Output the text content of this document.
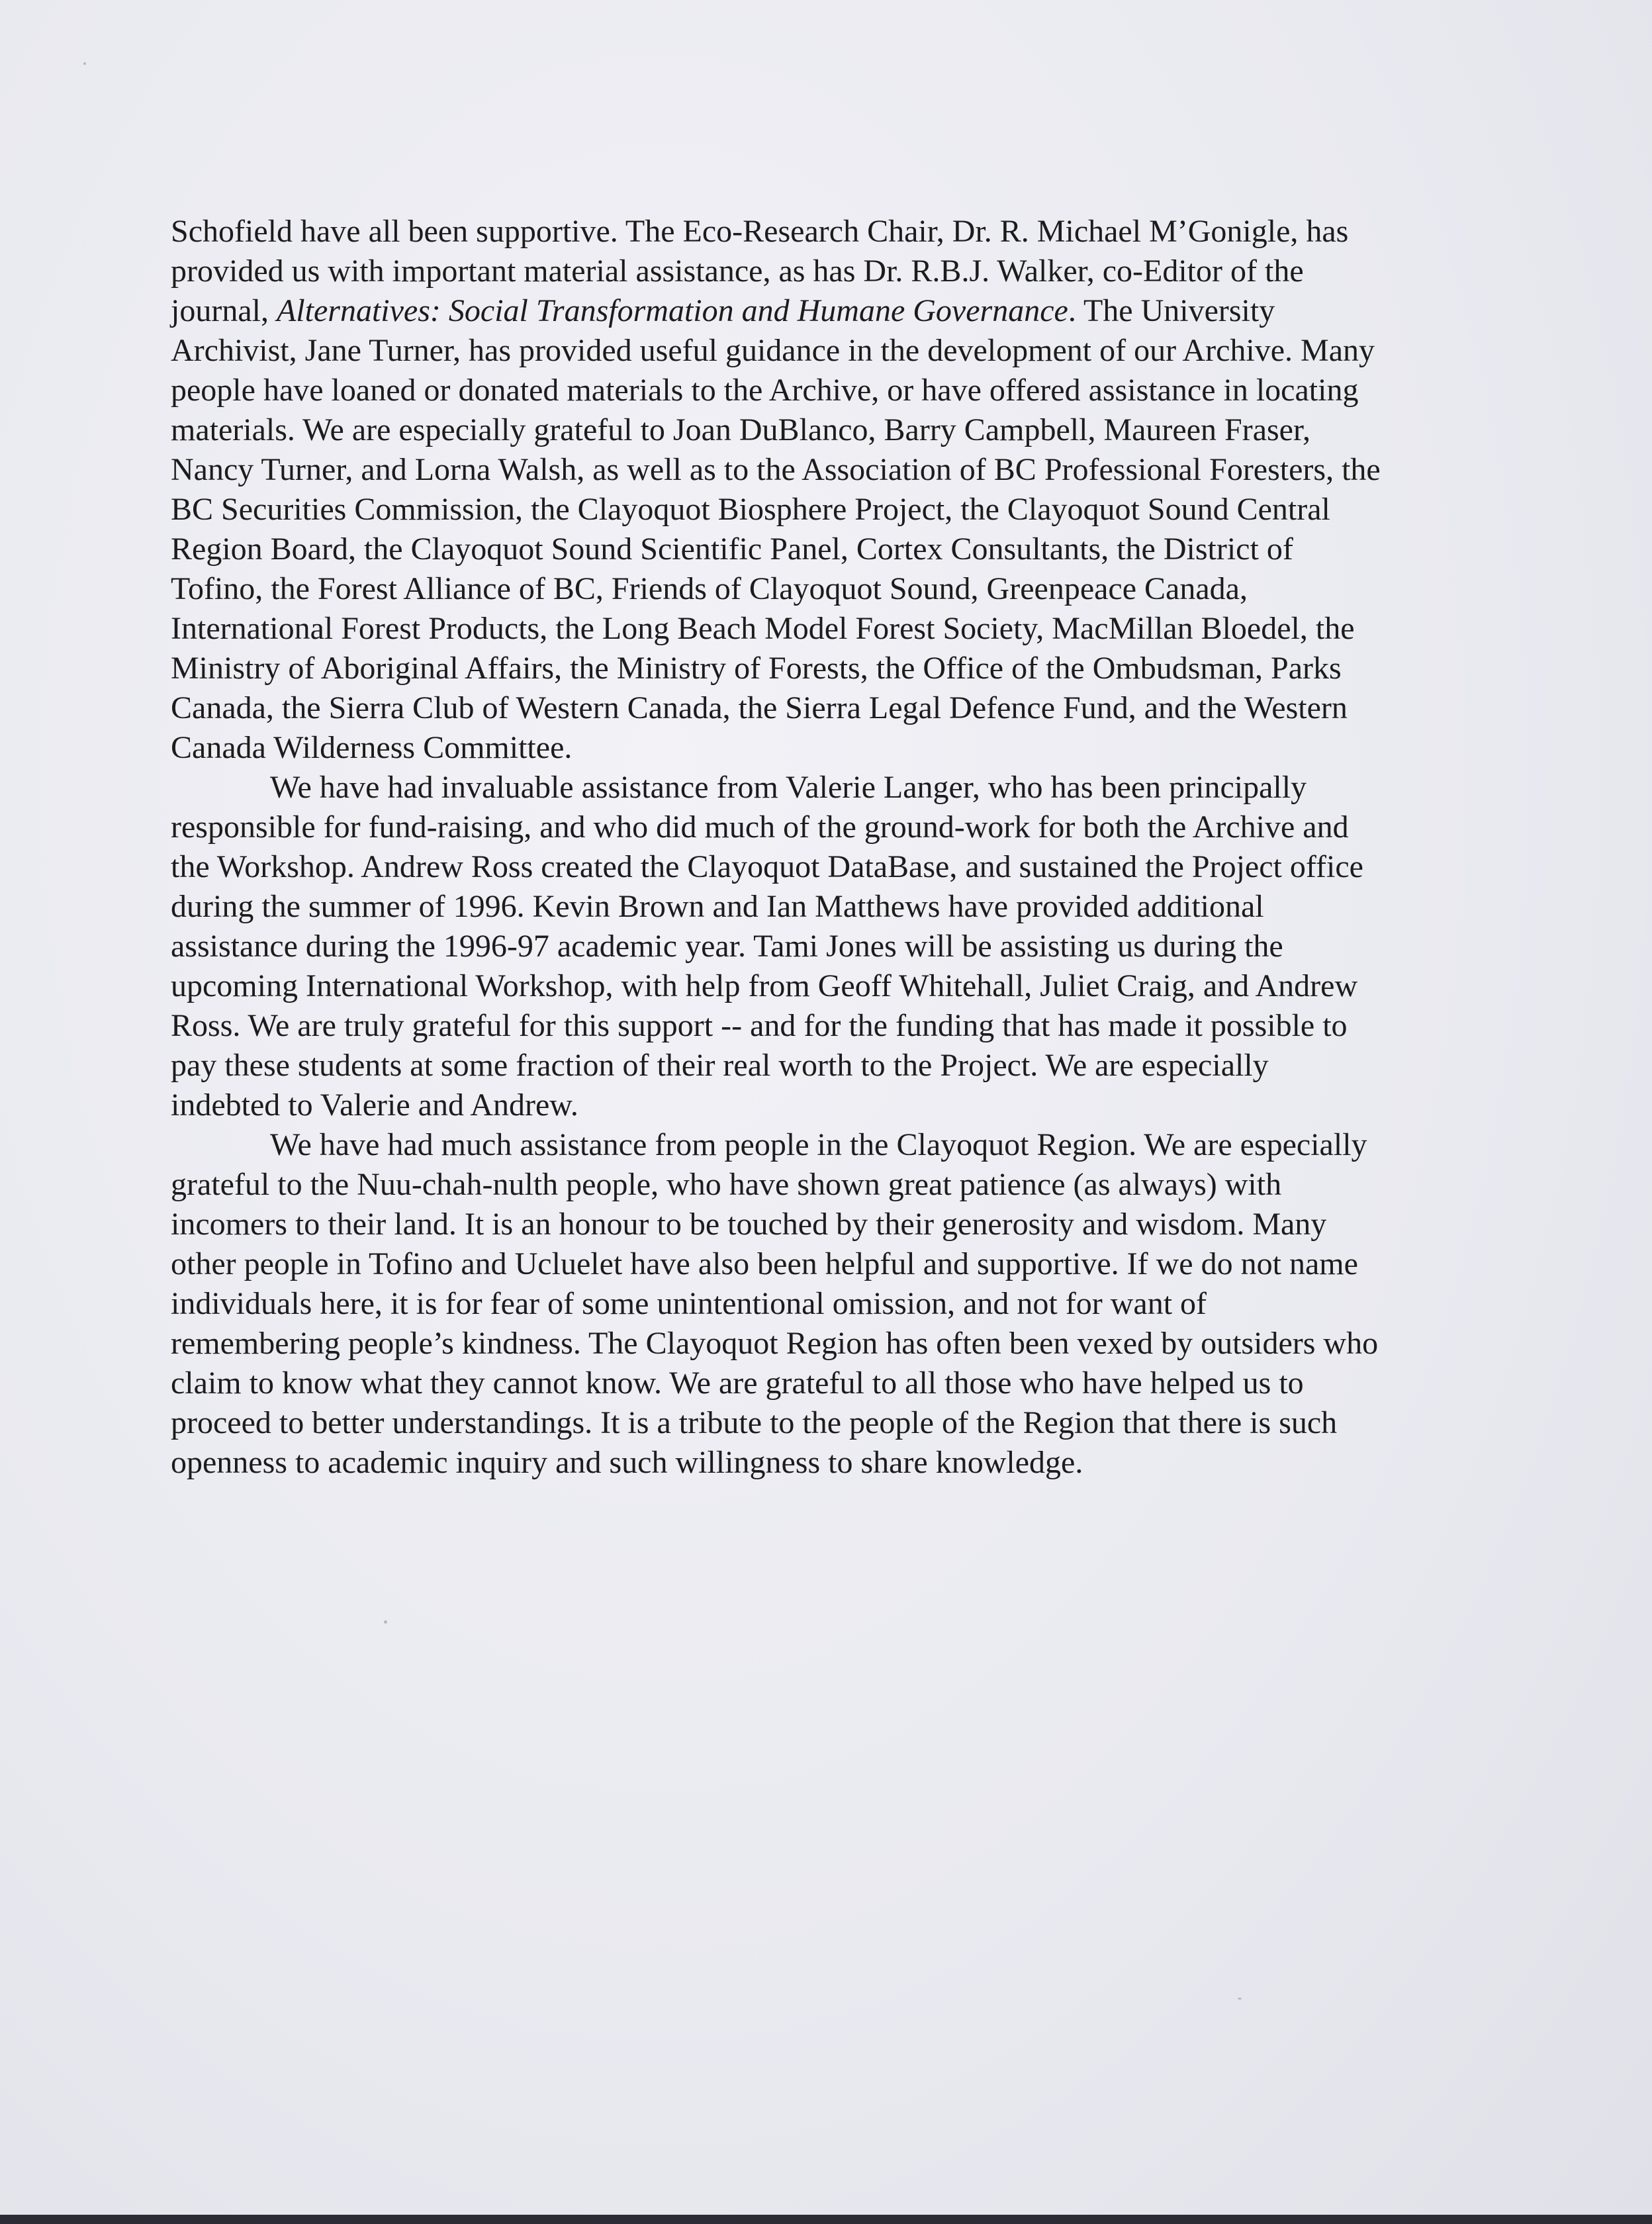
Schofield have all been supportive. The Eco-Research Chair, Dr. R. Michael M’Gonigle, has provided us with important material assistance, as has Dr. R.B.J. Walker, co-Editor of the journal, Alternatives: Social Transformation and Humane Governance. The University Archivist, Jane Turner, has provided useful guidance in the development of our Archive. Many people have loaned or donated materials to the Archive, or have offered assistance in locating materials. We are especially grateful to Joan DuBlanco, Barry Campbell, Maureen Fraser, Nancy Turner, and Lorna Walsh, as well as to the Association of BC Professional Foresters, the BC Securities Commission, the Clayoquot Biosphere Project, the Clayoquot Sound Central Region Board, the Clayoquot Sound Scientific Panel, Cortex Consultants, the District of Tofino, the Forest Alliance of BC, Friends of Clayoquot Sound, Greenpeace Canada, International Forest Products, the Long Beach Model Forest Society, MacMillan Bloedel, the Ministry of Aboriginal Affairs, the Ministry of Forests, the Office of the Ombudsman, Parks Canada, the Sierra Club of Western Canada, the Sierra Legal Defence Fund, and the Western Canada Wilderness Committee.

We have had invaluable assistance from Valerie Langer, who has been principally responsible for fund-raising, and who did much of the ground-work for both the Archive and the Workshop. Andrew Ross created the Clayoquot DataBase, and sustained the Project office during the summer of 1996. Kevin Brown and Ian Matthews have provided additional assistance during the 1996-97 academic year. Tami Jones will be assisting us during the upcoming International Workshop, with help from Geoff Whitehall, Juliet Craig, and Andrew Ross. We are truly grateful for this support -- and for the funding that has made it possible to pay these students at some fraction of their real worth to the Project. We are especially indebted to Valerie and Andrew.

We have had much assistance from people in the Clayoquot Region. We are especially grateful to the Nuu-chah-nulth people, who have shown great patience (as always) with incomers to their land. It is an honour to be touched by their generosity and wisdom. Many other people in Tofino and Ucluelet have also been helpful and supportive. If we do not name individuals here, it is for fear of some unintentional omission, and not for want of remembering people’s kindness. The Clayoquot Region has often been vexed by outsiders who claim to know what they cannot know. We are grateful to all those who have helped us to proceed to better understandings. It is a tribute to the people of the Region that there is such openness to academic inquiry and such willingness to share knowledge.
